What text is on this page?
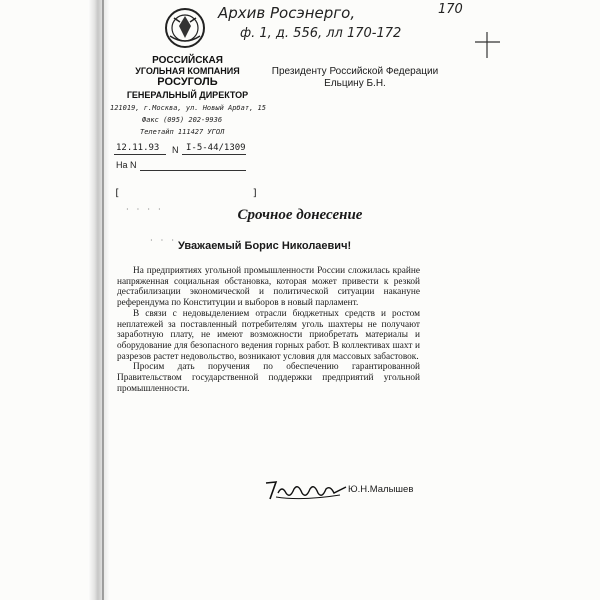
Архив Росэнерго,
ф. 1, д. 556, лл 170-172
170
РОССИЙСКАЯ
УГОЛЬНАЯ КОМПАНИЯ
РОСУГОЛЬ
ГЕНЕРАЛЬНЫЙ ДИРЕКТОР
121019, г.Москва, ул. Новый Арбат, 15
Факс (095) 202-9936
Телетайп 111427 УГОЛ
12.11.93 N I-5-44/1309
На N
Президенту Российской Федерации
Ельцину Б.Н.
[	]
· · · ·
· · ·
Срочное донесение
Уважаемый Борис Николаевич!

На предприятиях угольной промышленности России сложилась крайне напряженная социальная обстановка, которая может привести к резкой дестабилизации экономической и политической ситуации накануне референдума по Конституции и выборов в новый парламент.

В связи с недовыделением отрасли бюджетных средств и ростом неплатежей за поставленный потребителям уголь шахтеры не получают заработную плату, не имеют возможности приобретать материалы и оборудование для безопасного ведения горных работ. В коллективах шахт и разрезов растет недовольство, возникают условия для массовых забастовок.

Просим дать поручения по обеспечению гарантированной Правительством государственной поддержки предприятий угольной промышленности.

Ю.Н.Малышев
